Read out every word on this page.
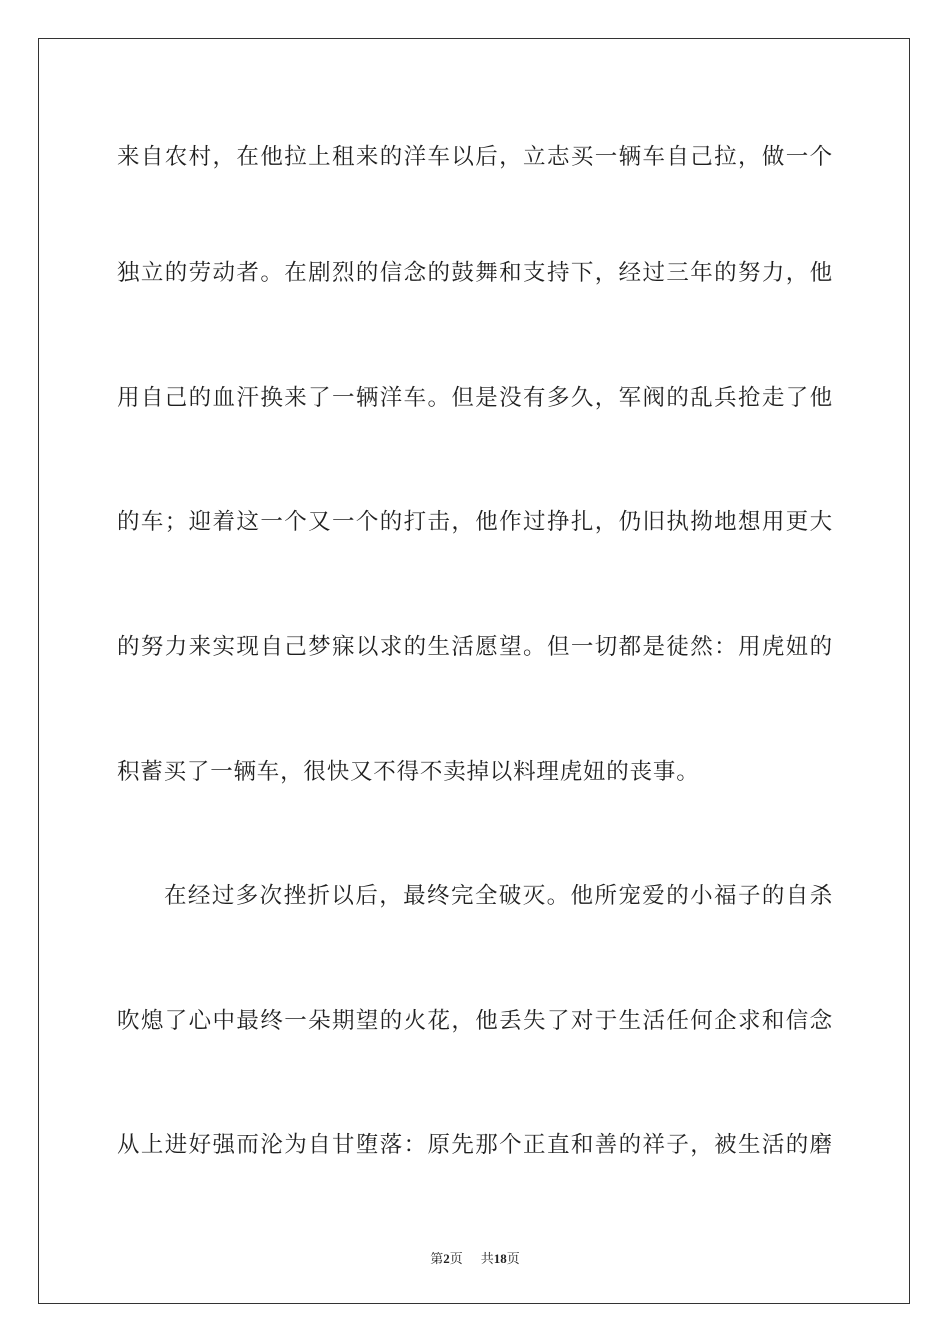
来自农村，在他拉上租来的洋车以后，立志买一辆车自己拉，做一个
独立的劳动者。在剧烈的信念的鼓舞和支持下，经过三年的努力，他
用自己的血汗换来了一辆洋车。但是没有多久，军阀的乱兵抢走了他
的车；迎着这一个又一个的打击，他作过挣扎，仍旧执拗地想用更大
的努力来实现自己梦寐以求的生活愿望。但一切都是徒然：用虎妞的
积蓄买了一辆车，很快又不得不卖掉以料理虎妞的丧事。
在经过多次挫折以后，最终完全破灭。他所宠爱的小福子的自杀
吹熄了心中最终一朵期望的火花，他丢失了对于生活任何企求和信念
从上进好强而沦为自甘堕落：原先那个正直和善的祥子，被生活的磨
第2页 共18页
